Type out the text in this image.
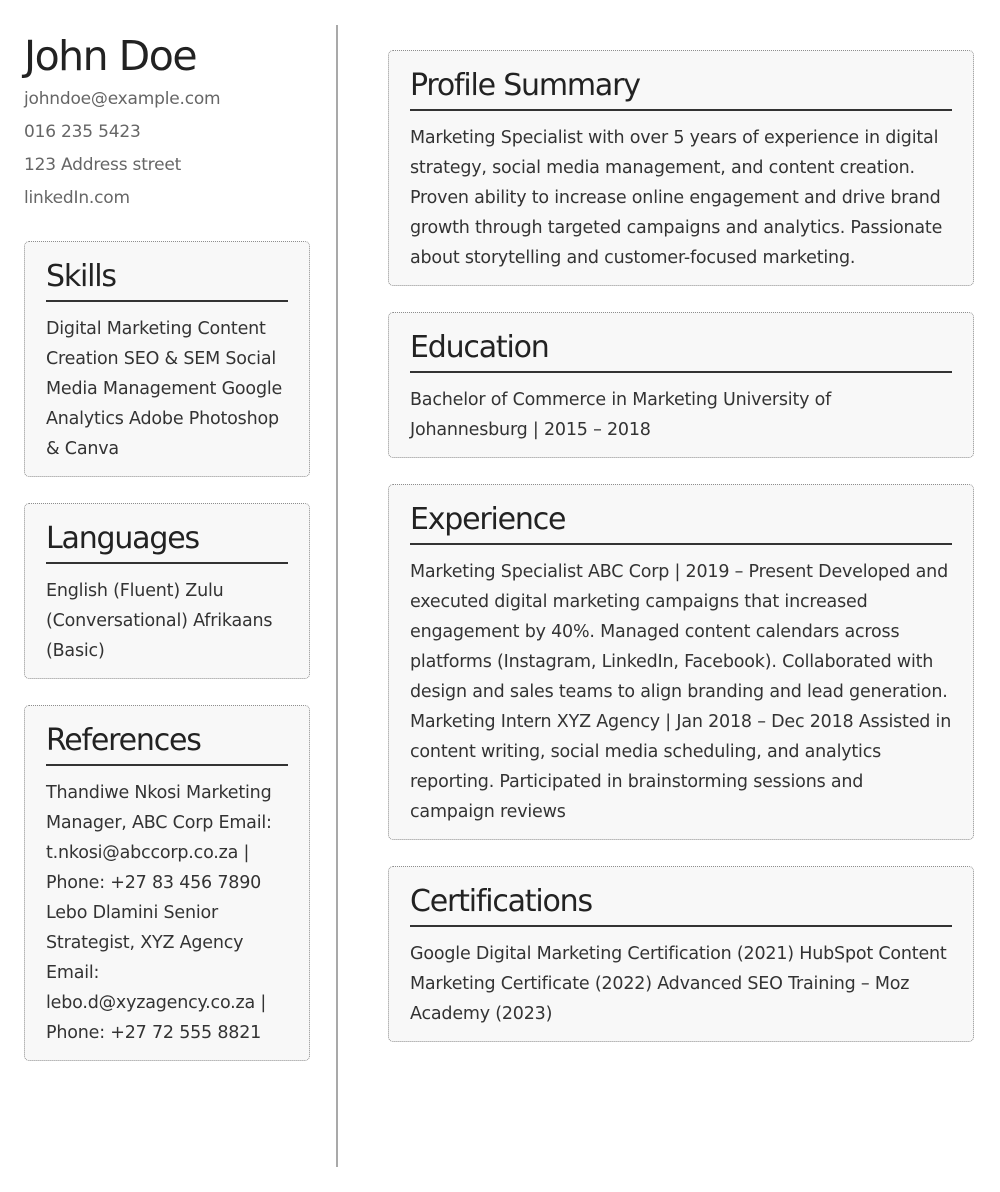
John Doe
johndoe@example.com
016 235 5423
123 Address street
linkedIn.com
Skills
Digital Marketing Content Creation SEO & SEM Social Media Management Google Analytics Adobe Photoshop & Canva
Languages
English (Fluent) Zulu (Conversational) Afrikaans (Basic)
References
Thandiwe Nkosi Marketing Manager, ABC Corp Email: t.nkosi@abccorp.co.za | Phone: +27 83 456 7890 Lebo Dlamini Senior Strategist, XYZ Agency Email: lebo.d@xyzagency.co.za | Phone: +27 72 555 8821
Profile Summary
Marketing Specialist with over 5 years of experience in digital strategy, social media management, and content creation. Proven ability to increase online engagement and drive brand growth through targeted campaigns and analytics. Passionate about storytelling and customer-focused marketing.
Education
Bachelor of Commerce in Marketing University of Johannesburg | 2015 – 2018
Experience
Marketing Specialist ABC Corp | 2019 – Present Developed and executed digital marketing campaigns that increased engagement by 40%. Managed content calendars across platforms (Instagram, LinkedIn, Facebook). Collaborated with design and sales teams to align branding and lead generation. Marketing Intern XYZ Agency | Jan 2018 – Dec 2018 Assisted in content writing, social media scheduling, and analytics reporting. Participated in brainstorming sessions and campaign reviews
Certifications
Google Digital Marketing Certification (2021) HubSpot Content Marketing Certificate (2022) Advanced SEO Training – Moz Academy (2023)
